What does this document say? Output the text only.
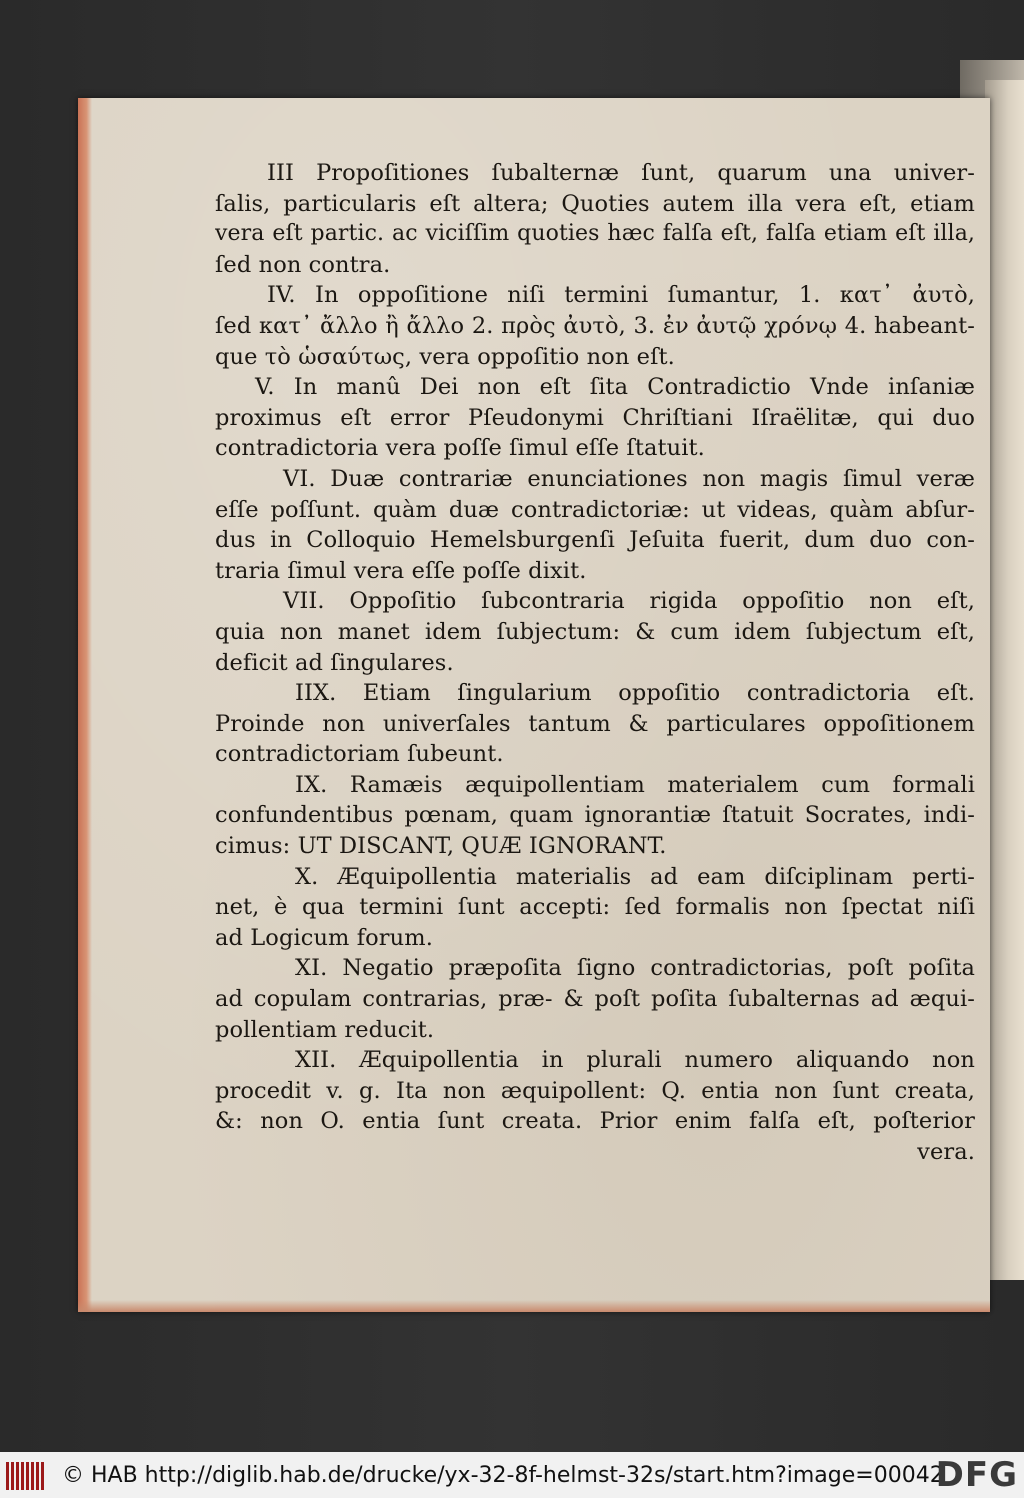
III Propoſitiones ſubalternæ ſunt, quarum una univer-
ſalis, particularis eſt altera; Quoties autem illa vera eſt, etiam
vera eſt partic. ac viciſſim quoties hæc falſa eſt, falſa etiam eſt illa,
ſed non contra.
IV. In oppoſitione niſi termini ſumantur, 1. κατ᾽ ἀυτὸ,
ſed κατ᾽ ἄλλο ἢ ἄλλο 2. πρὸς ἀυτὸ, 3. ἐν ἀυτῷ χρόνῳ 4. habeant-
que τὸ ὡσαύτως, vera oppoſitio non eſt.
V. In manû Dei non eſt ſita Contradictio Vnde inſaniæ
proximus eſt error Pſeudonymi Chriſtiani Iſraëlitæ, qui duo
contradictoria vera poſſe ſimul eſſe ſtatuit.
VI. Duæ contrariæ enunciationes non magis ſimul veræ
eſſe poſſunt. quàm duæ contradictoriæ: ut videas, quàm abſur-
dus in Colloquio Hemelsburgenſi Jeſuita fuerit, dum duo con-
traria ſimul vera eſſe poſſe dixit.
VII. Oppoſitio ſubcontraria rigida oppoſitio non eſt,
quia non manet idem ſubjectum: & cum idem ſubjectum eſt,
deficit ad ſingulares.
IIX. Etiam ſingularium oppoſitio contradictoria eſt.
Proinde non univerſales tantum & particulares oppoſitionem
contradictoriam ſubeunt.
IX. Ramæis æquipollentiam materialem cum formali
confundentibus pœnam, quam ignorantiæ ſtatuit Socrates, indi-
cimus: UT DISCANT, QUÆ IGNORANT.
X. Æquipollentia materialis ad eam diſciplinam perti-
net, è qua termini ſunt accepti: ſed formalis non ſpectat niſi
ad Logicum forum.
XI. Negatio præpoſita ſigno contradictorias, poſt poſita
ad copulam contrarias, præ- & poſt poſita ſubalternas ad æqui-
pollentiam reducit.
XII. Æquipollentia in plurali numero aliquando non
procedit v. g. Ita non æquipollent: Q. entia non ſunt creata,
&: non O. entia ſunt creata. Prior enim falſa eſt, poſterior
vera.
© HAB http://diglib.hab.de/drucke/yx-32-8f-helmst-32s/start.htm?image=00042
DFG
